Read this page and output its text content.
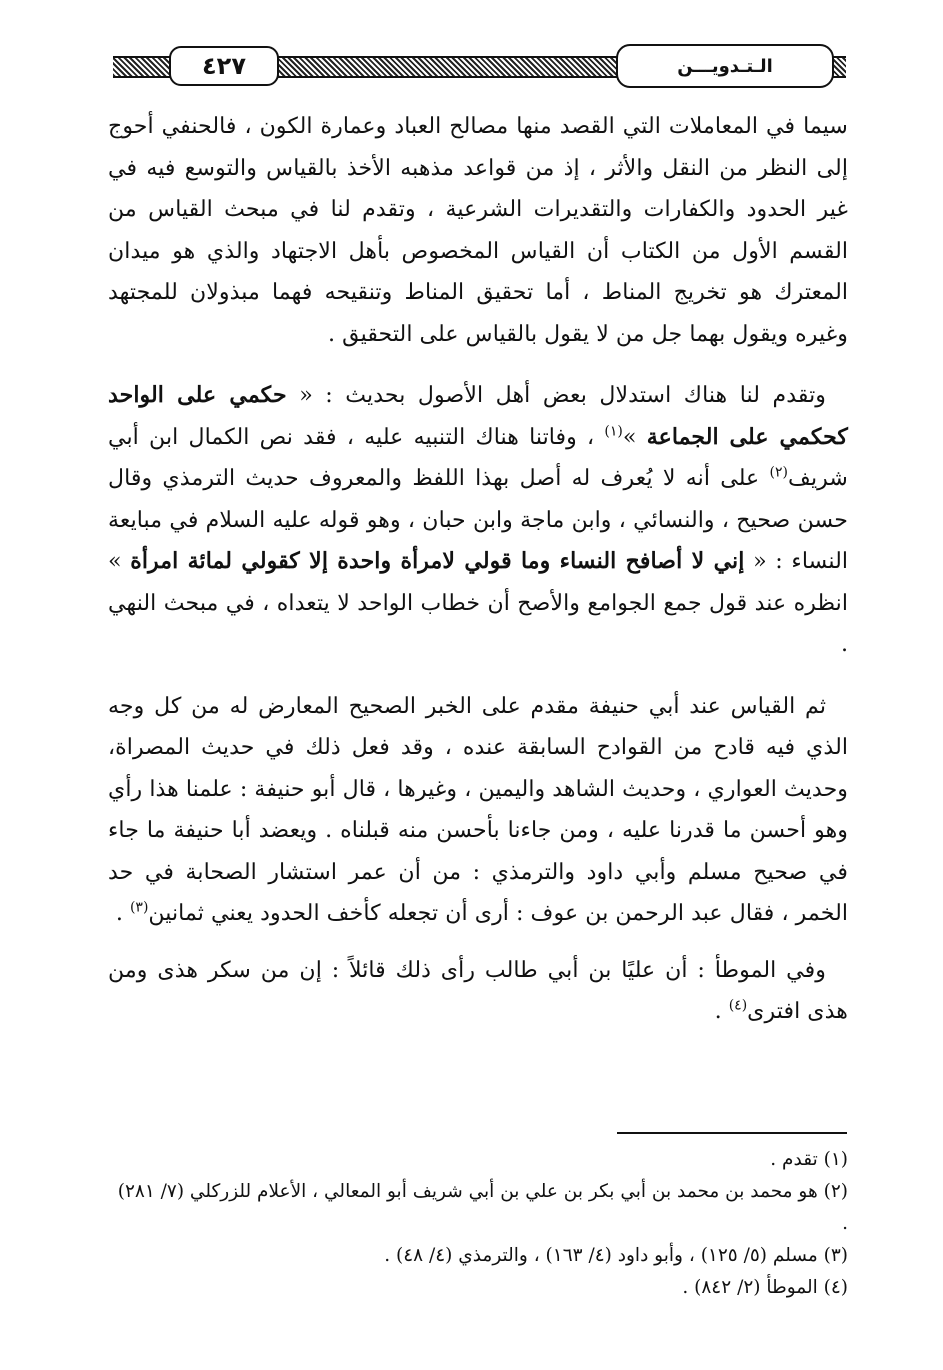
٤٢٧	الـتـدويـــن

سيما في المعاملات التي القصد منها مصالح العباد وعمارة الكون ، فالحنفي أحوج إلى النظر من النقل والأثر ، إذ من قواعد مذهبه الأخذ بالقياس والتوسع فيه في غير الحدود والكفارات والتقديرات الشرعية ، وتقدم لنا في مبحث القياس من القسم الأول من الكتاب أن القياس المخصوص بأهل الاجتهاد والذي هو ميدان المعترك هو تخريج المناط ، أما تحقيق المناط وتنقيحه فهما مبذولان للمجتهد وغيره ويقول بهما جل من لا يقول بالقياس على التحقيق .

وتقدم لنا هناك استدلال بعض أهل الأصول بحديث : « حكمي على الواحد كحكمي على الجماعة »$^{(١)}$ ، وفاتنا هناك التنبيه عليه ، فقد نص الكمال ابن أبي شريف$^{(٢)}$ على أنه لا يُعرف له أصل بهذا اللفظ والمعروف حديث الترمذي وقال حسن صحيح ، والنسائي ، وابن ماجة وابن حبان ، وهو قوله عليه السلام في مبايعة النساء : « إني لا أصافح النساء وما قولي لامرأة واحدة إلا كقولي لمائة امرأة » انظره عند قول جمع الجوامع والأصح أن خطاب الواحد لا يتعداه ، في مبحث النهي .

ثم القياس عند أبي حنيفة مقدم على الخبر الصحيح المعارض له من كل وجه الذي فيه قادح من القوادح السابقة عنده ، وقد فعل ذلك في حديث المصراة، وحديث العواري ، وحديث الشاهد واليمين ، وغيرها ، قال أبو حنيفة : علمنا هذا رأي وهو أحسن ما قدرنا عليه ، ومن جاءنا بأحسن منه قبلناه . ويعضد أبا حنيفة ما جاء في صحيح مسلم وأبي داود والترمذي : من أن عمر استشار الصحابة في حد الخمر ، فقال عبد الرحمن بن عوف : أرى أن تجعله كأخف الحدود يعني ثمانين$^{(٣)}$ .

وفي الموطأ : أن عليًا بن أبي طالب رأى ذلك قائلاً : إن من سكر هذى ومن هذى افترى$^{(٤)}$ .

(١) تقدم .

(٢) هو محمد بن محمد بن أبي بكر بن علي بن أبي شريف أبو المعالي ، الأعلام للزركلي (٧/ ٢٨١) .

(٣) مسلم (٥/ ١٢٥) ، وأبو داود (٤/ ١٦٣) ، والترمذي (٤/ ٤٨) .

(٤) الموطأ (٢/ ٨٤٢) .
